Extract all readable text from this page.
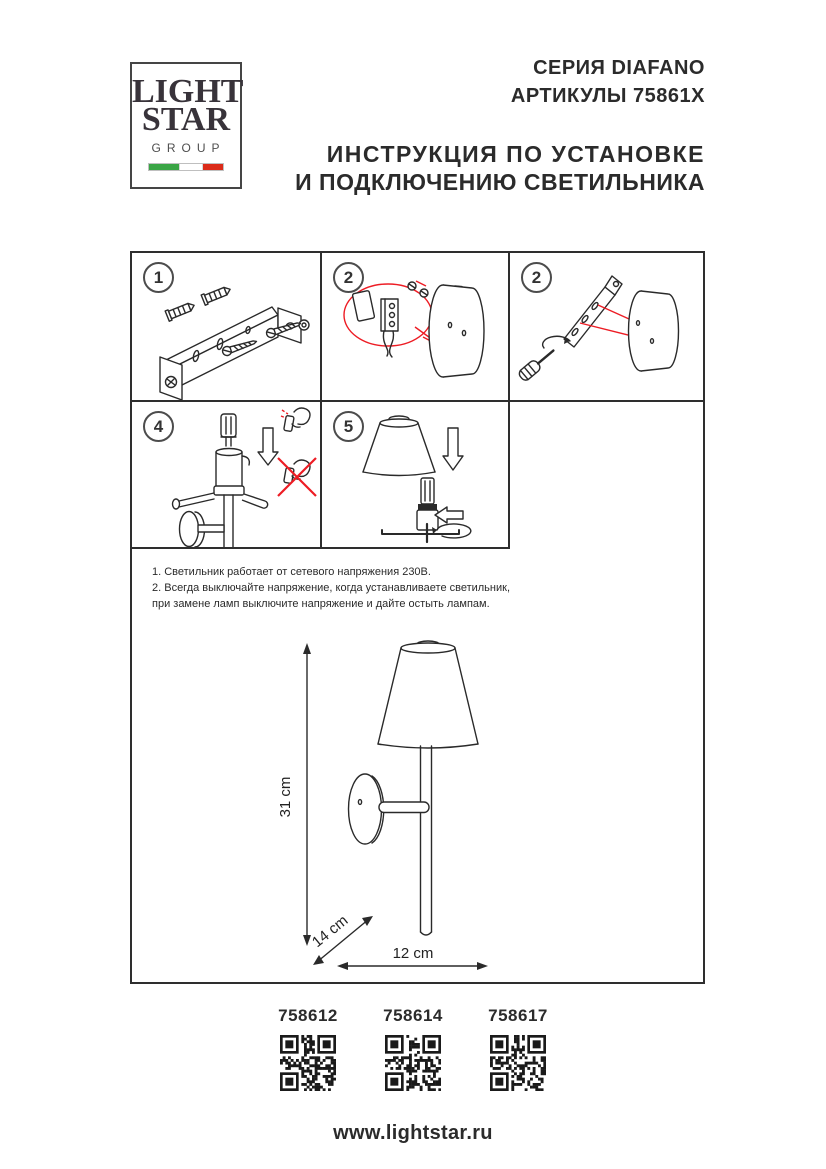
LIGHT
STAR
GROUP
СЕРИЯ DIAFANO
АРТИКУЛЫ 75861X
ИНСТРУКЦИЯ ПО УСТАНОВКЕ
И ПОДКЛЮЧЕНИЮ СВЕТИЛЬНИКА
1	2	2
4	5
1. Светильник работает от сетевого напряжения 230В.
2. Всегда выключайте напряжение, когда устанавливаете светильник,
при замене ламп выключите напряжение и дайте остыть лампам.
31 cm
14 cm
12 cm
758612	758614	758617
www.lightstar.ru
